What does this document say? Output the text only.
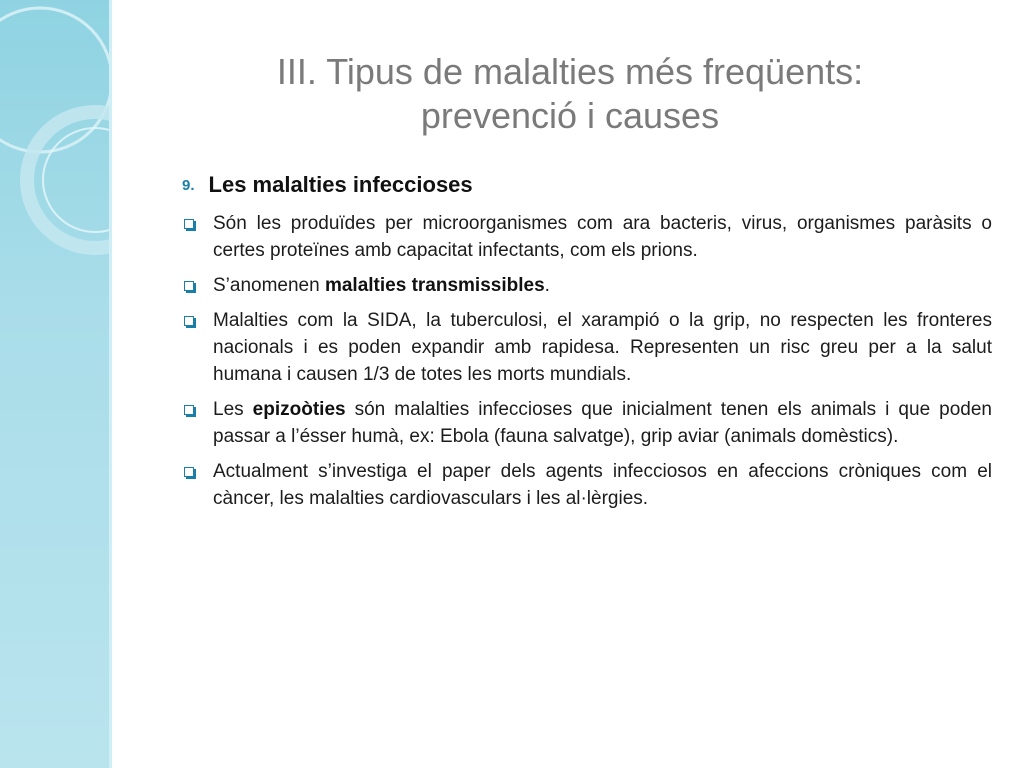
III. Tipus de malalties més freqüents:
prevenció i causes
9. Les malalties infeccioses
Són les produïdes per microorganismes com ara bacteris, virus, organismes paràsits o certes proteïnes amb capacitat infectants, com els prions.
S’anomenen malalties transmissibles.
Malalties com la SIDA, la tuberculosi, el xarampió o la grip, no respecten les fronteres nacionals i es poden expandir amb rapidesa. Representen un risc greu per a la salut humana i causen 1/3 de totes les morts mundials.
Les epizoòties són malalties infeccioses que inicialment tenen els animals i que poden passar a l’ésser humà, ex: Ebola (fauna salvatge), grip aviar (animals domèstics).
Actualment s’investiga el paper dels agents infecciosos en afeccions cròniques com el càncer, les malalties cardiovasculars i les al·lèrgies.
